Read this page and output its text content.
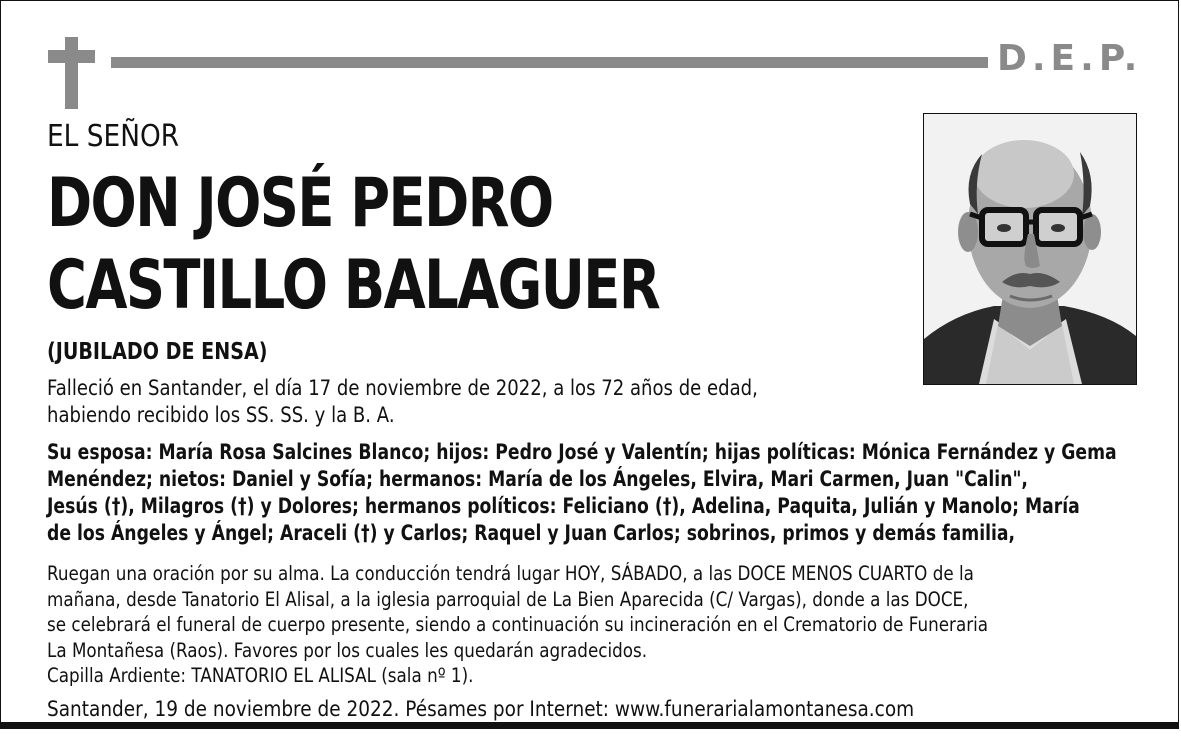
D.E.P.
EL SEÑOR
DON JOSÉ PEDRO
CASTILLO BALAGUER
(JUBILADO DE ENSA)
Falleció en Santander, el día 17 de noviembre de 2022, a los 72 años de edad,
habiendo recibido los SS. SS. y la B. A.
Su esposa: María Rosa Salcines Blanco; hijos: Pedro José y Valentín; hijas políticas: Mónica Fernández y Gema
Menéndez; nietos: Daniel y Sofía; hermanos: María de los Ángeles, Elvira, Mari Carmen, Juan "Calin",
Jesús (†), Milagros (†) y Dolores; hermanos políticos: Feliciano (†), Adelina, Paquita, Julián y Manolo; María
de los Ángeles y Ángel; Araceli (†) y Carlos; Raquel y Juan Carlos; sobrinos, primos y demás familia,
Ruegan una oración por su alma. La conducción tendrá lugar HOY, SÁBADO, a las DOCE MENOS CUARTO de la
mañana, desde Tanatorio El Alisal, a la iglesia parroquial de La Bien Aparecida (C/ Vargas), donde a las DOCE,
se celebrará el funeral de cuerpo presente, siendo a continuación su incineración en el Crematorio de Funeraria
La Montañesa (Raos). Favores por los cuales les quedarán agradecidos.
Capilla Ardiente: TANATORIO EL ALISAL (sala nº 1).
Santander, 19 de noviembre de 2022. Pésames por Internet: www.funerarialamontanesa.com
